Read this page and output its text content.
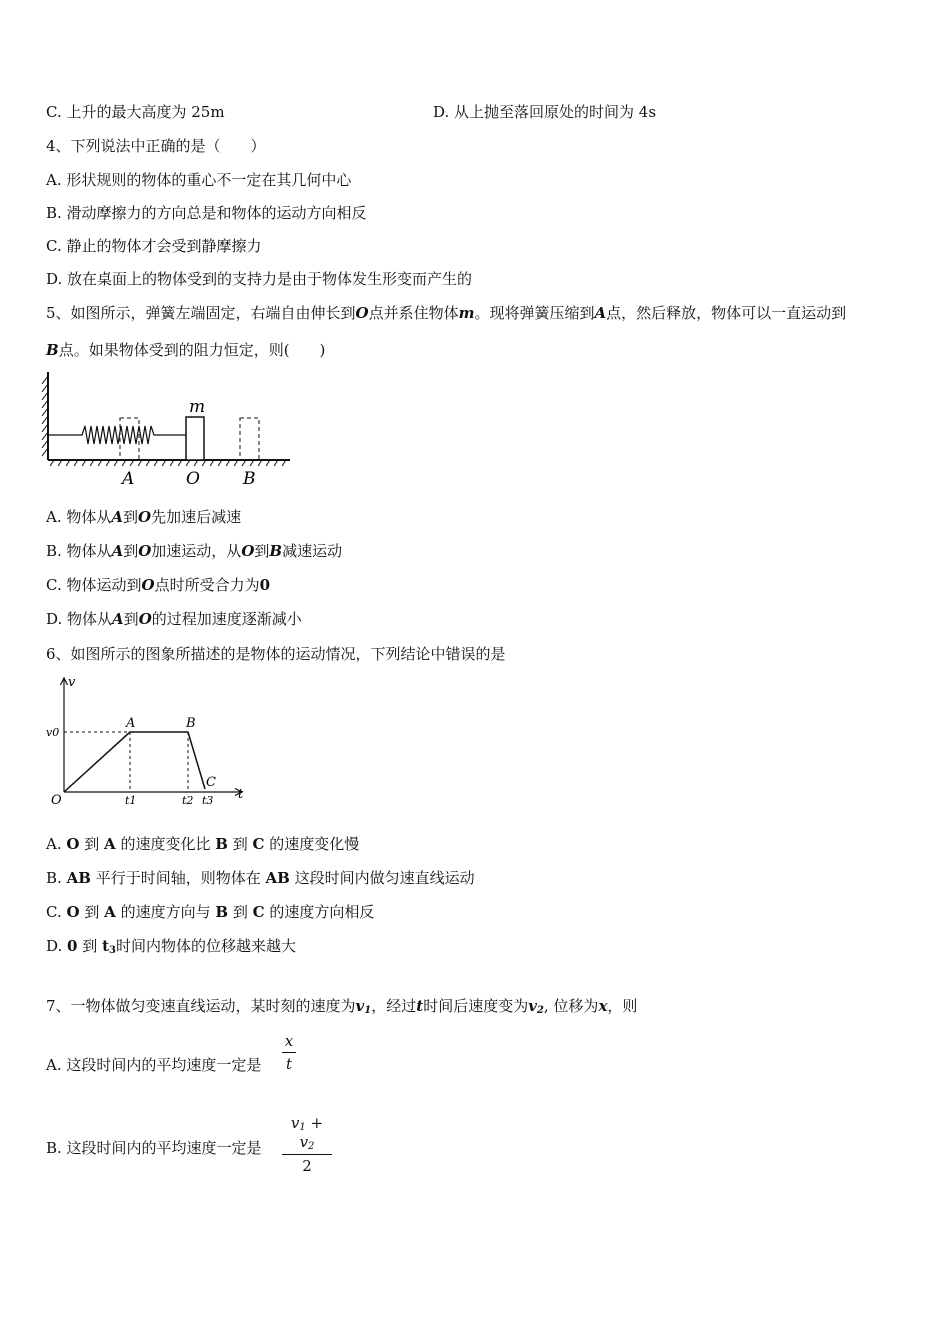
C. 上升的最大高度为 25m	D. 从上抛至落回原处的时间为 4s
4、下列说法中正确的是（　　）
A. 形状规则的物体的重心不一定在其几何中心
B. 滑动摩擦力的方向总是和物体的运动方向相反
C. 静止的物体才会受到静摩擦力
D. 放在桌面上的物体受到的支持力是由于物体发生形变而产生的
5、如图所示，弹簧左端固定，右端自由伸长到O点并系住物体m。现将弹簧压缩到A点，然后释放，物体可以一直运动到
B点。如果物体受到的阻力恒定，则(　　)
m
A	O	B
A. 物体从A到O先加速后减速
B. 物体从A到O加速运动，从O到B减速运动
C. 物体运动到O点时所受合力为0
D. 物体从A到O的过程加速度逐渐减小
6、如图所示的图象所描述的是物体的运动情况，下列结论中错误的是
v
t
O
v0
A	B
C
t1	t2 t3
A. O 到 A 的速度变化比 B 到 C 的速度变化慢
B. AB 平行于时间轴，则物体在 AB 这段时间内做匀速直线运动
C. O 到 A 的速度方向与 B 到 C 的速度方向相反
D. 0 到 $t_3$时间内物体的位移越来越大
7、一物体做匀变速直线运动，某时刻的速度为$v_1$，经过t时间后速度变为$v_2$, 位移为x，则
A. 这段时间内的平均速度一定是 $\frac{x}{t}$
B. 这段时间内的平均速度一定是 $\frac{v_1 + v_2}{2}$
